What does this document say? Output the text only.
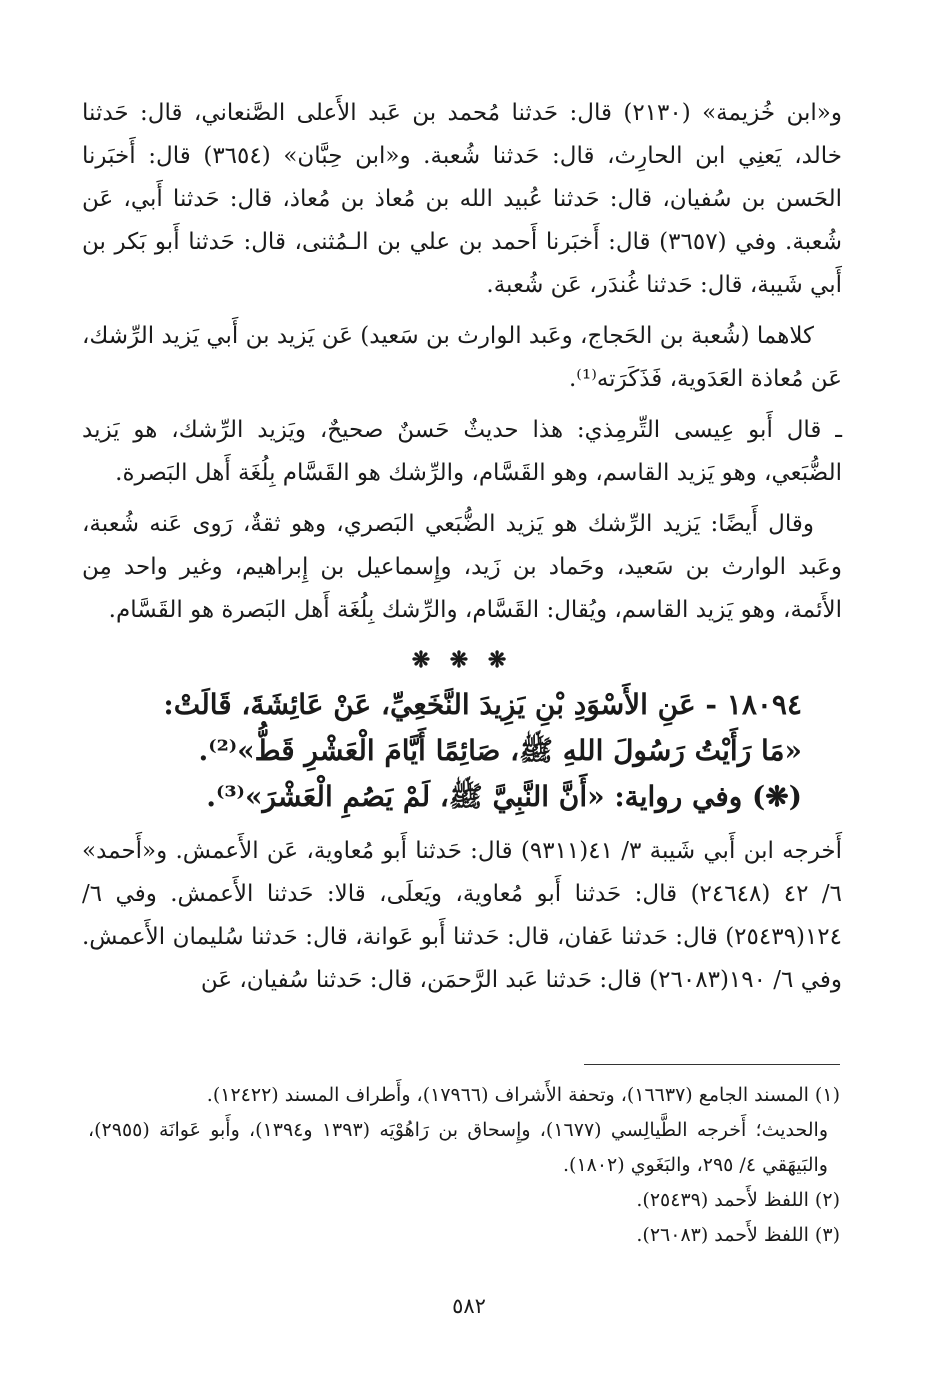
و«ابن خُزيمة» (٢١٣٠) قال: حَدثنا مُحمد بن عَبد الأَعلى الصَّنعاني، قال: حَدثنا خالد، يَعنِي ابن الحارِث، قال: حَدثنا شُعبة. و«ابن حِبَّان» (٣٦٥٤) قال: أَخبَرنا الحَسن بن سُفيان، قال: حَدثنا عُبيد الله بن مُعاذ بن مُعاذ، قال: حَدثنا أَبي، عَن شُعبة. وفي (٣٦٥٧) قال: أَخبَرنا أَحمد بن علي بن الـمُثنى، قال: حَدثنا أَبو بَكر بن أَبي شَيبة، قال: حَدثنا غُندَر، عَن شُعبة.

كلاهما (شُعبة بن الحَجاج، وعَبد الوارث بن سَعيد) عَن يَزيد بن أَبي يَزيد الرِّشك، عَن مُعاذة العَدَوية، فَذَكَرَته⁽¹⁾.

ـ قال أَبو عِيسى التِّرمِذي: هذا حديثٌ حَسنٌ صحيحٌ، ويَزيد الرِّشك، هو يَزيد الضُّبَعي، وهو يَزيد القاسم، وهو القَسَّام، والرِّشك هو القَسَّام بِلُغَة أَهل البَصرة.

وقال أَيضًا: يَزيد الرِّشك هو يَزيد الضُّبَعي البَصري، وهو ثقةٌ، رَوى عَنه شُعبة، وعَبد الوارث بن سَعيد، وحَماد بن زَيد، وإِسماعيل بن إِبراهيم، وغير واحد مِن الأَئمة، وهو يَزيد القاسم، ويُقال: القَسَّام، والرِّشك بِلُغَة أَهل البَصرة هو القَسَّام.

❋ ❋ ❋
١٨٠٩٤ - عَنِ الأَسْوَدِ بْنِ يَزِيدَ النَّخَعِيِّ، عَنْ عَائِشَةَ، قَالَتْ:
«مَا رَأَيْتُ رَسُولَ اللهِ ﷺ، صَائِمًا أَيَّامَ الْعَشْرِ قَطُّ»⁽²⁾.
(❋) وفي رواية: «أَنَّ النَّبِيَّ ﷺ، لَمْ يَصُمِ الْعَشْرَ»⁽³⁾.

أَخرجه ابن أَبي شَيبة ٣/ ٤١(٩٣١١) قال: حَدثنا أَبو مُعاوية، عَن الأَعمش. و«أَحمد» ٦/ ٤٢ (٢٤٦٤٨) قال: حَدثنا أَبو مُعاوية، ويَعلَى، قالا: حَدثنا الأَعمش. وفي ٦/ ١٢٤(٢٥٤٣٩) قال: حَدثنا عَفان، قال: حَدثنا أَبو عَوانة، قال: حَدثنا سُليمان الأَعمش. وفي ٦/ ١٩٠(٢٦٠٨٣) قال: حَدثنا عَبد الرَّحمَن، قال: حَدثنا سُفيان، عَن

(١) المسند الجامع (١٦٦٣٧)، وتحفة الأَشراف (١٧٩٦٦)، وأَطراف المسند (١٢٤٢٢).

والحديث؛ أَخرجه الطَّيالِسي (١٦٧٧)، وإِسحاق بن رَاهُوْيَه (١٣٩٣ و١٣٩٤)، وأَبو عَوانَة (٢٩٥٥)، والبَيهَقي ٤/ ٢٩٥، والبَغَوي (١٨٠٢).

(٢) اللفظ لأَحمد (٢٥٤٣٩).

(٣) اللفظ لأَحمد (٢٦٠٨٣).

٥٨٢
